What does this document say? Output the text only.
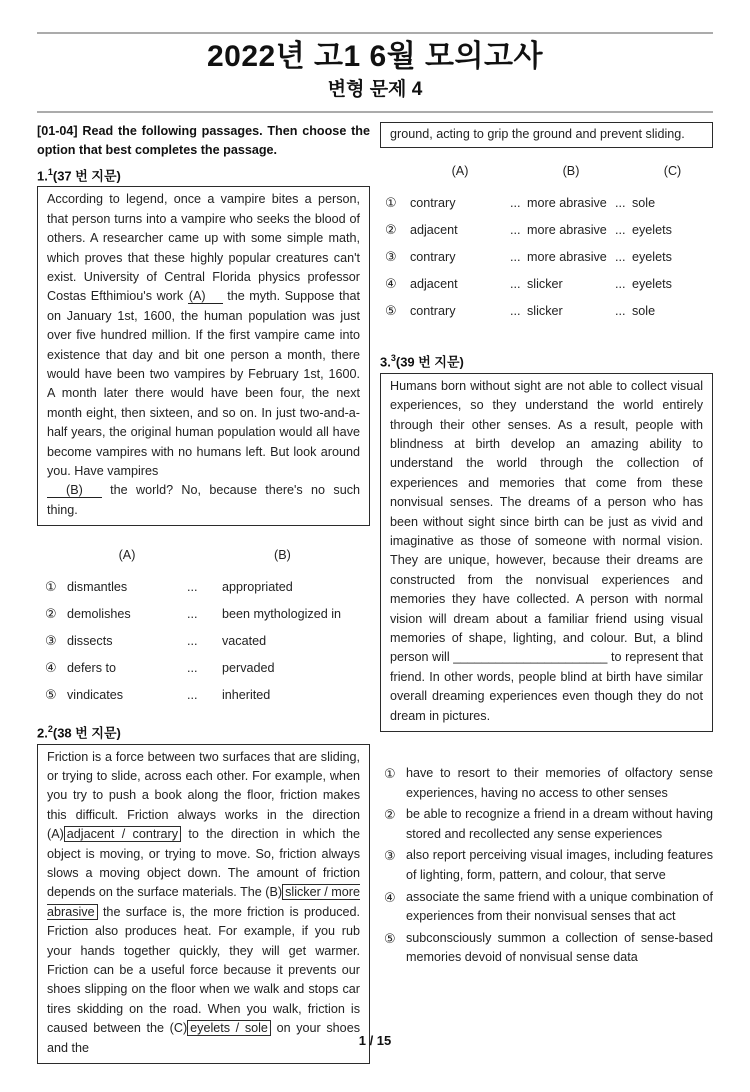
2022년 고1 6월 모의고사
변형 문제 4

[01-04] Read the following passages. Then choose the option that best completes the passage.

1.$^1$(37 번 지문)
According to legend, once a vampire bites a person, that person turns into a vampire who seeks the blood of others. A researcher came up with some simple math, which proves that these highly popular creatures can't exist. University of Central Florida physics professor Costas Efthimiou's work (A) the myth. Suppose that on January 1st, 1600, the human population was just over five hundred million. If the first vampire came into existence that day and bit one person a month, there would have been two vampires by February 1st, 1600. A month later there would have been four, the next month eight, then sixteen, and so on. In just two-and-a-half years, the original human population would all have become vampires with no humans left. But look around you. Have vampires
(B) the world? No, because there's no such thing.
(A)	(B)
① dismantles	...	appropriated
② demolishes	...	been mythologized in
③ dissects	...	vacated
④ defers to	...	pervaded
⑤ vindicates	...	inherited
2.$^2$(38 번 지문)
Friction is a force between two surfaces that are sliding, or trying to slide, across each other. For example, when you try to push a book along the floor, friction makes this difficult. Friction always works in the direction (A) adjacent / contrary to the direction in which the object is moving, or trying to move. So, friction always slows a moving object down. The amount of friction depends on the surface materials. The (B) slicker / more abrasive the surface is, the more friction is produced. Friction also produces heat. For example, if you rub your hands together quickly, they will get warmer. Friction can be a useful force because it prevents our shoes slipping on the floor when we walk and stops car tires skidding on the road. When you walk, friction is caused between the (C) eyelets / sole on your shoes and the
ground, acting to grip the ground and prevent sliding.
(A)	(B)	(C)
①	contrary	... more abrasive ... sole
②	adjacent	... more abrasive ... eyelets
③	contrary	... more abrasive ... eyelets
④	adjacent	... slicker	... eyelets
⑤	contrary	... slicker	... sole
3.$^3$(39 번 지문)
Humans born without sight are not able to collect visual experiences, so they understand the world entirely through their other senses. As a result, people with blindness at birth develop an amazing ability to understand the world through the collection of experiences and memories that come from these nonvisual senses. The dreams of a person who has been without sight since birth can be just as vivid and imaginative as those of someone with normal vision. They are unique, however, because their dreams are constructed from the nonvisual experiences and memories they have collected. A person with normal vision will dream about a familiar friend using visual memories of shape, lighting, and colour. But, a blind person will ______________________ to represent that friend. In other words, people blind at birth have similar overall dreaming experiences even though they do not dream in pictures.
① have to resort to their memories of olfactory sense experiences, having no access to other senses
② be able to recognize a friend in a dream without having stored and recollected any sense experiences
③ also report perceiving visual images, including features of lighting, form, pattern, and colour, that serve
④ associate the same friend with a unique combination of experiences from their nonvisual senses that act
⑤ subconsciously summon a collection of sense-based memories devoid of nonvisual sense data
1 / 15
